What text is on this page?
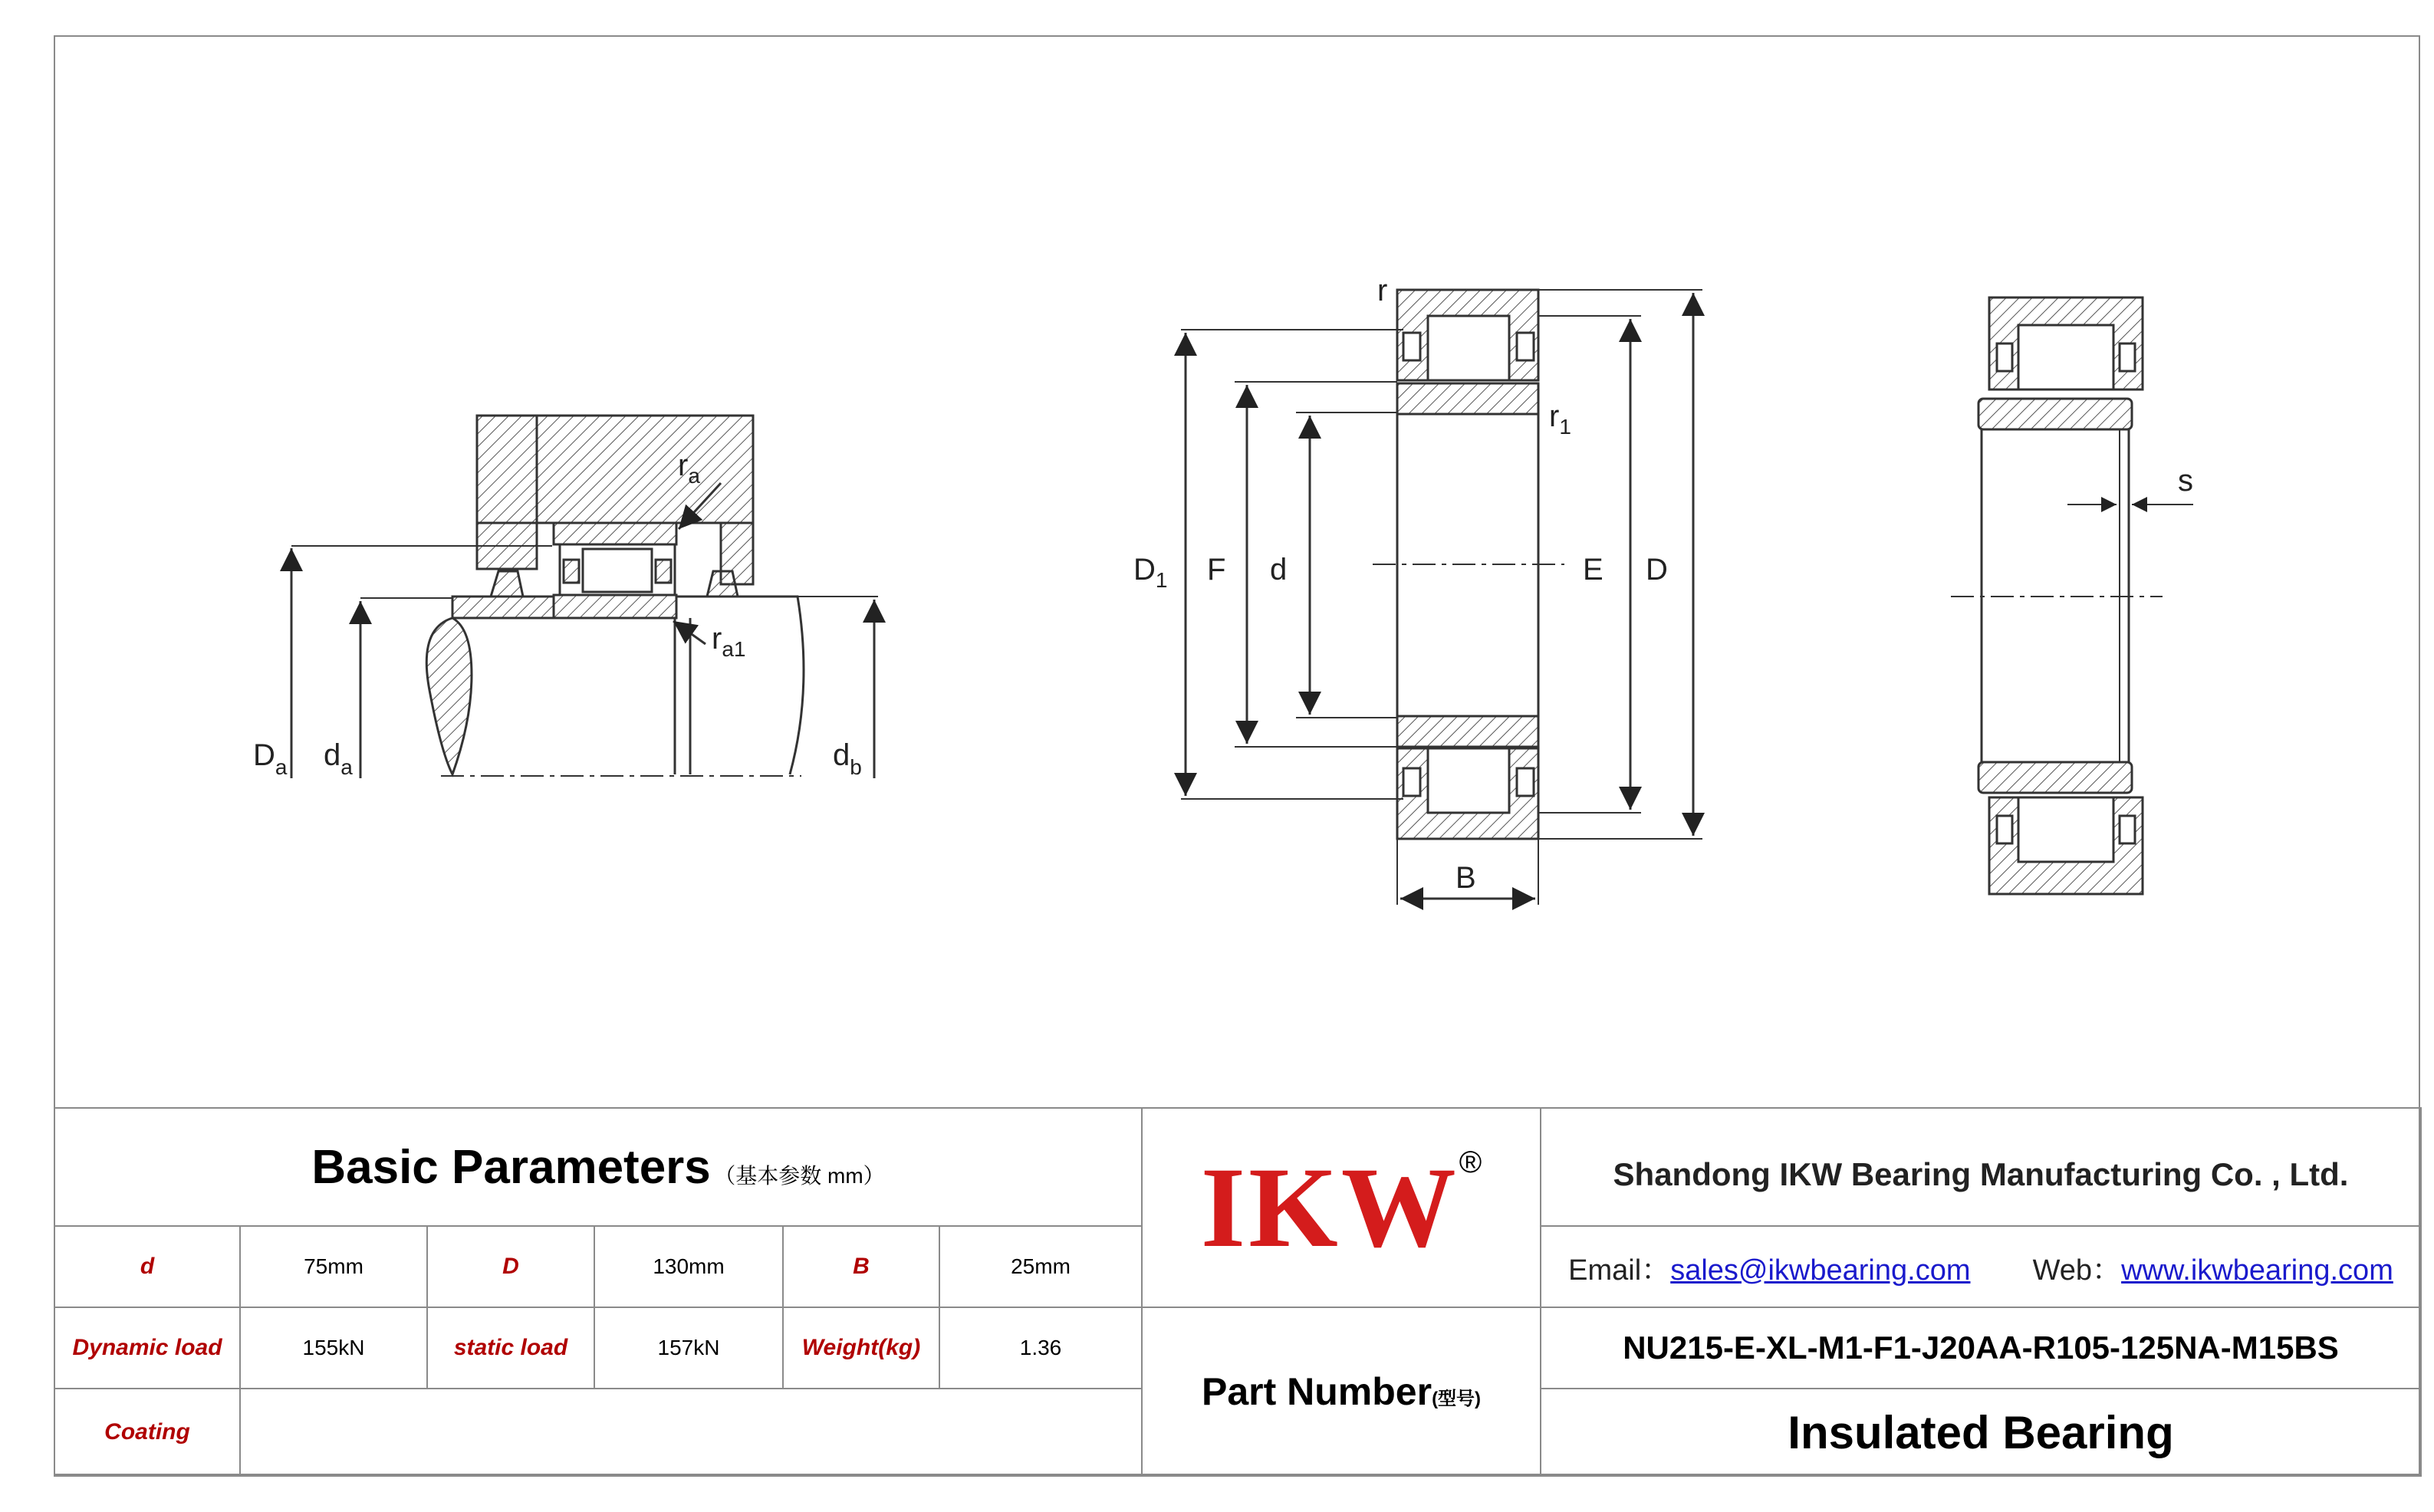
$r_a$
$r_{a1}$
$D_a$ $d_a$	$d_b$
r
$r_1$
$D_1$ F d	E D
B
s
Basic Parameters （基本参数 mm）						IKW®	Shandong IKW Bearing Manufacturing Co. , Ltd.
d	75mm	D	130mm	B	25mm		Email：sales@ikwbearing.com Web：www.ikwbearing.com
Dynamic load	155kN	static load	157kN	Weight(kg)	1.36	Part Number(型号)	NU215-E-XL-M1-F1-J20AA-R105-125NA-M15BS
Coating							Insulated Bearing
